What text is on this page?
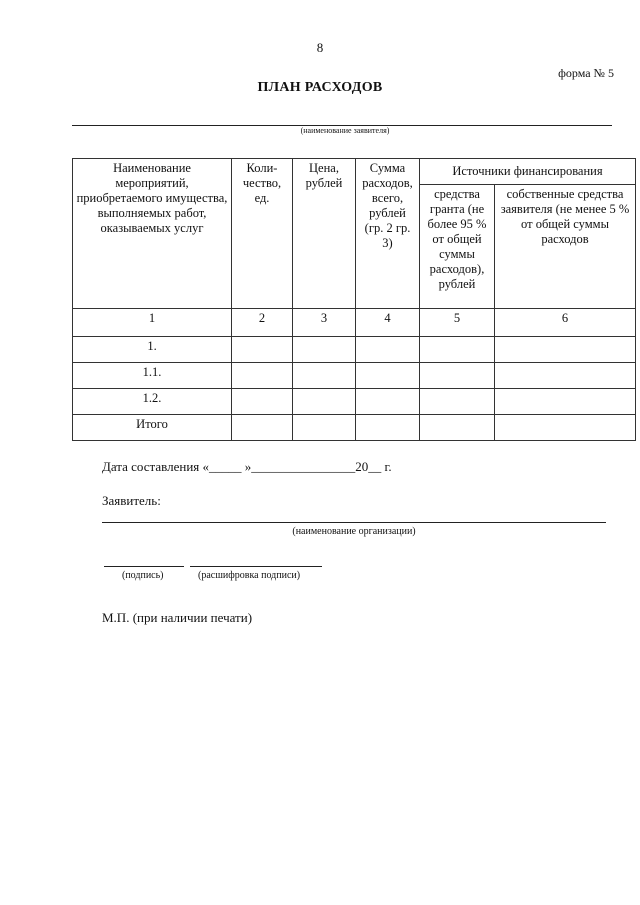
8
форма № 5
ПЛАН РАСХОДОВ
(наименование заявителя)
Наименование мероприятий, приобретаемого имущества, выполняемых работ, оказываемых услуг	Коли-чество, ед.	Цена, рублей	Сумма расходов, всего, рублей (гр. 2 гр. 3)	Источники финансирования	
				средства гранта (не более 95 % от общей суммы расходов), рублей	собственные средства заявителя (не менее 5 % от общей суммы расходов
1	2	3	4	5	6
1.					
1.1.					
1.2.					
Итого					
Дата составления «_____ »________________20__ г.
Заявитель:
(наименование организации)
(подпись)	(расшифровка подписи)
М.П. (при наличии печати)
